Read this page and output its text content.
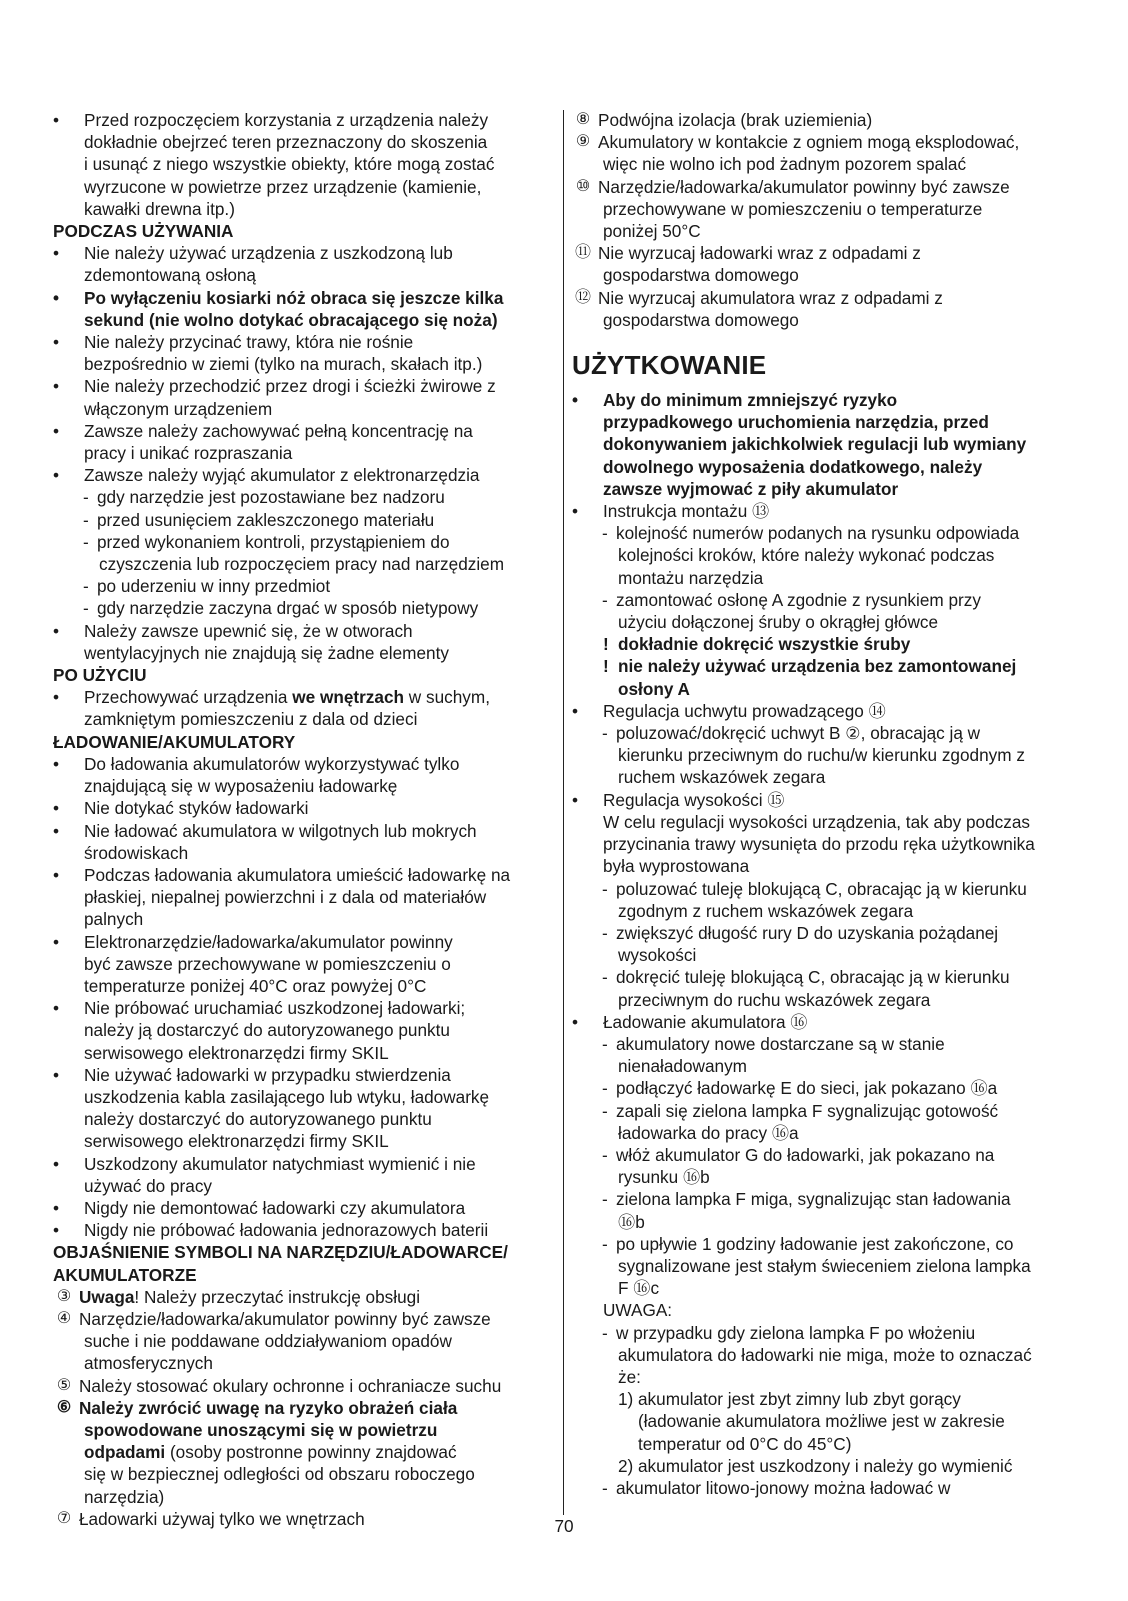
• Przed rozpoczęciem korzystania z urządzenia należy
dokładnie obejrzeć teren przeznaczony do skoszenia
i usunąć z niego wszystkie obiekty, które mogą zostać
wyrzucone w powietrze przez urządzenie (kamienie,
kawałki drewna itp.)
PODCZAS UŻYWANIA
• Nie należy używać urządzenia z uszkodzoną lub
zdemontowaną osłoną
• Po wyłączeniu kosiarki nóż obraca się jeszcze kilka
sekund (nie wolno dotykać obracającego się noża)
• Nie należy przycinać trawy, która nie rośnie
bezpośrednio w ziemi (tylko na murach, skałach itp.)
• Nie należy przechodzić przez drogi i ścieżki żwirowe z
włączonym urządzeniem
• Zawsze należy zachowywać pełną koncentrację na
pracy i unikać rozpraszania
• Zawsze należy wyjąć akumulator z elektronarzędzia
- gdy narzędzie jest pozostawiane bez nadzoru
- przed usunięciem zakleszczonego materiału
- przed wykonaniem kontroli, przystąpieniem do
czyszczenia lub rozpoczęciem pracy nad narzędziem
- po uderzeniu w inny przedmiot
- gdy narzędzie zaczyna drgać w sposób nietypowy
• Należy zawsze upewnić się, że w otworach
wentylacyjnych nie znajdują się żadne elementy
PO UŻYCIU
• Przechowywać urządzenia we wnętrzach w suchym,
zamkniętym pomieszczeniu z dala od dzieci
ŁADOWANIE/AKUMULATORY
• Do ładowania akumulatorów wykorzystywać tylko
znajdującą się w wyposażeniu ładowarkę
• Nie dotykać styków ładowarki
• Nie ładować akumulatora w wilgotnych lub mokrych
środowiskach
• Podczas ładowania akumulatora umieścić ładowarkę na
płaskiej, niepalnej powierzchni i z dala od materiałów
palnych
• Elektronarzędzie/ładowarka/akumulator powinny
być zawsze przechowywane w pomieszczeniu o
temperaturze poniżej 40°C oraz powyżej 0°C
• Nie próbować uruchamiać uszkodzonej ładowarki;
należy ją dostarczyć do autoryzowanego punktu
serwisowego elektronarzędzi firmy SKIL
• Nie używać ładowarki w przypadku stwierdzenia
uszkodzenia kabla zasilającego lub wtyku, ładowarkę
należy dostarczyć do autoryzowanego punktu
serwisowego elektronarzędzi firmy SKIL
• Uszkodzony akumulator natychmiast wymienić i nie
używać do pracy
• Nigdy nie demontować ładowarki czy akumulatora
• Nigdy nie próbować ładowania jednorazowych baterii
OBJAŚNIENIE SYMBOLI NA NARZĘDZIU/ŁADOWARCE/
AKUMULATORZE
③ Uwaga! Należy przeczytać instrukcję obsługi
④ Narzędzie/ładowarka/akumulator powinny być zawsze
suche i nie poddawane oddziaływaniom opadów
atmosferycznych
⑤ Należy stosować okulary ochronne i ochraniacze suchu
⑥ Należy zwrócić uwagę na ryzyko obrażeń ciała
spowodowane unoszącymi się w powietrzu
odpadami (osoby postronne powinny znajdować
się w bezpiecznej odległości od obszaru roboczego
narzędzia)
⑦ Ładowarki używaj tylko we wnętrzach
⑧ Podwójna izolacja (brak uziemienia)
⑨ Akumulatory w kontakcie z ogniem mogą eksplodować,
więc nie wolno ich pod żadnym pozorem spalać
⑩ Narzędzie/ładowarka/akumulator powinny być zawsze
przechowywane w pomieszczeniu o temperaturze
poniżej 50°C
⑪ Nie wyrzucaj ładowarki wraz z odpadami z
gospodarstwa domowego
⑫ Nie wyrzucaj akumulatora wraz z odpadami z
gospodarstwa domowego
UŻYTKOWANIE
• Aby do minimum zmniejszyć ryzyko
przypadkowego uruchomienia narzędzia, przed
dokonywaniem jakichkolwiek regulacji lub wymiany
dowolnego wyposażenia dodatkowego, należy
zawsze wyjmować z piły akumulator
• Instrukcja montażu ⑬
- kolejność numerów podanych na rysunku odpowiada
kolejności kroków, które należy wykonać podczas
montażu narzędzia
- zamontować osłonę A zgodnie z rysunkiem przy
użyciu dołączonej śruby o okrągłej główce
! dokładnie dokręcić wszystkie śruby
! nie należy używać urządzenia bez zamontowanej
osłony A
• Regulacja uchwytu prowadzącego ⑭
- poluzować/dokręcić uchwyt B ②, obracając ją w
kierunku przeciwnym do ruchu/w kierunku zgodnym z
ruchem wskazówek zegara
• Regulacja wysokości ⑮
W celu regulacji wysokości urządzenia, tak aby podczas
przycinania trawy wysunięta do przodu ręka użytkownika
była wyprostowana
- poluzować tuleję blokującą C, obracając ją w kierunku
zgodnym z ruchem wskazówek zegara
- zwiększyć długość rury D do uzyskania pożądanej
wysokości
- dokręcić tuleję blokującą C, obracając ją w kierunku
przeciwnym do ruchu wskazówek zegara
• Ładowanie akumulatora ⑯
- akumulatory nowe dostarczane są w stanie
nienaładowanym
- podłączyć ładowarkę E do sieci, jak pokazano ⑯a
- zapali się zielona lampka F sygnalizując gotowość
ładowarka do pracy ⑯a
- włóż akumulator G do ładowarki, jak pokazano na
rysunku ⑯b
- zielona lampka F miga, sygnalizując stan ładowania
⑯b
- po upływie 1 godziny ładowanie jest zakończone, co
sygnalizowane jest stałym świeceniem zielona lampka
F ⑯c
UWAGA:
- w przypadku gdy zielona lampka F po włożeniu
akumulatora do ładowarki nie miga, może to oznaczać
że:
1) akumulator jest zbyt zimny lub zbyt gorący
(ładowanie akumulatora możliwe jest w zakresie
temperatur od 0°C do 45°C)
2) akumulator jest uszkodzony i należy go wymienić
- akumulator litowo-jonowy można ładować w
70
